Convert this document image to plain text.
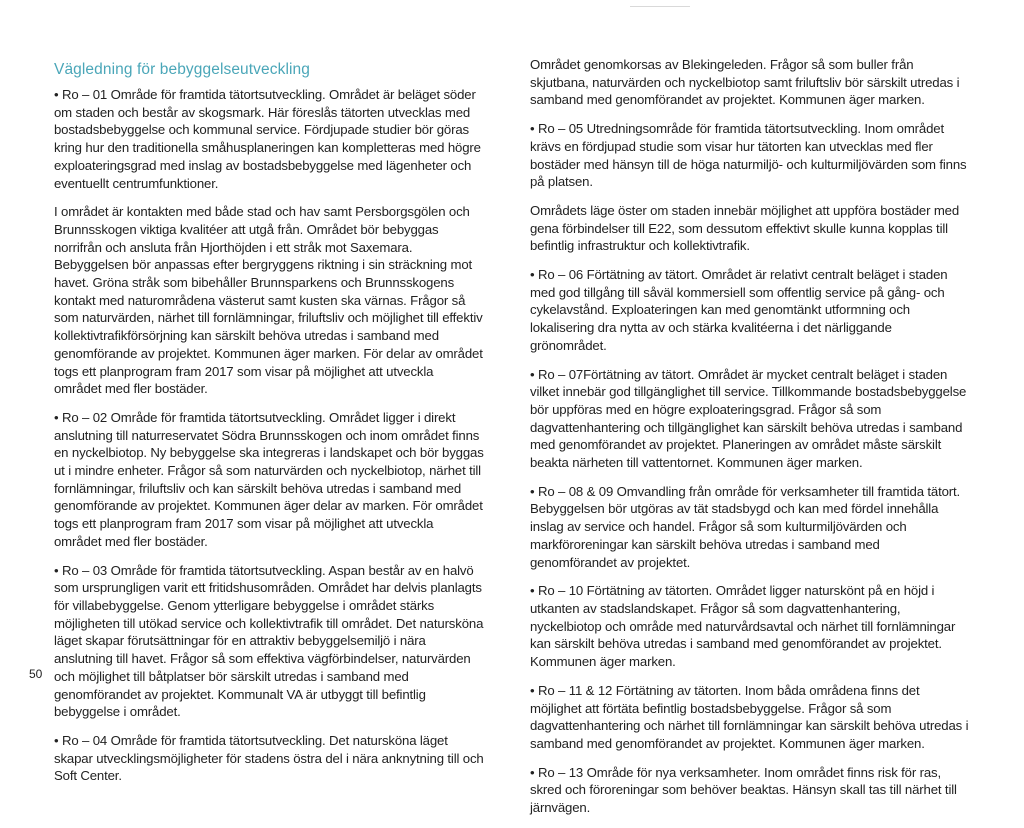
Vägledning för bebyggelseutveckling

• Ro – 01 Område för framtida tätortsutveckling. Området är beläget söder om staden och består av skogsmark. Här föreslås tätorten utvecklas med bostadsbebyggelse och kommunal service. Fördjupade studier bör göras kring hur den traditionella småhusplaneringen kan kompletteras med högre exploateringsgrad med inslag av bostadsbebyggelse med lägenheter och eventuellt centrumfunktioner.

I området är kontakten med både stad och hav samt Persborgsgölen och Brunnsskogen viktiga kvalitéer att utgå från. Området bör bebyggas norrifrån och ansluta från Hjorthöjden i ett stråk mot Saxemara. Bebyggelsen bör anpassas efter bergryggens riktning i sin sträckning mot havet. Gröna stråk som bibehåller Brunnsparkens och Brunnsskogens kontakt med naturområdena västerut samt kusten ska värnas. Frågor så som naturvärden, närhet till fornlämningar, friluftsliv och möjlighet till effektiv kollektivtrafikförsörjning kan särskilt behöva utredas i samband med genomförande av projektet. Kommunen äger marken. För delar av området togs ett planprogram fram 2017 som visar på möjlighet att utveckla området med fler bostäder.

• Ro – 02 Område för framtida tätortsutveckling. Området ligger i direkt anslutning till naturreservatet Södra Brunnsskogen och inom området finns en nyckelbiotop. Ny bebyggelse ska integreras i landskapet och bör byggas ut i mindre enheter. Frågor så som naturvärden och nyckelbiotop, närhet till fornlämningar, friluftsliv och kan särskilt behöva utredas i samband med genomförande av projektet. Kommunen äger delar av marken. För området togs ett planprogram fram 2017 som visar på möjlighet att utveckla området med fler bostäder.

• Ro – 03 Område för framtida tätortsutveckling. Aspan består av en halvö som ursprungligen varit ett fritidshusområden. Området har delvis planlagts för villabebyggelse. Genom ytterligare bebyggelse i området stärks möjligheten till utökad service och kollektivtrafik till området. Det natursköna läget skapar förutsättningar för en attraktiv bebyggelsemiljö i nära anslutning till havet. Frågor så som effektiva vägförbindelser, naturvärden och möjlighet till båtplatser bör särskilt utredas i samband med genomförandet av projektet. Kommunalt VA är utbyggt till befintlig bebyggelse i området.

• Ro – 04 Område för framtida tätortsutveckling. Det natursköna läget skapar utvecklingsmöjligheter för stadens östra del i nära anknytning till och Soft Center.

Området genomkorsas av Blekingeleden. Frågor så som buller från skjutbana, naturvärden och nyckelbiotop samt friluftsliv bör särskilt utredas i samband med genomförandet av projektet. Kommunen äger marken.

• Ro – 05 Utredningsområde för framtida tätortsutveckling. Inom området krävs en fördjupad studie som visar hur tätorten kan utvecklas med fler bostäder med hänsyn till de höga naturmiljö- och kulturmiljövärden som finns på platsen.

Områdets läge öster om staden innebär möjlighet att uppföra bostäder med gena förbindelser till E22, som dessutom effektivt skulle kunna kopplas till befintlig infrastruktur och kollektivtrafik.

• Ro – 06 Förtätning av tätort. Området är relativt centralt beläget i staden med god tillgång till såväl kommersiell som offentlig service på gång- och cykelavstånd. Exploateringen kan med genomtänkt utformning och lokalisering dra nytta av och stärka kvalitéerna i det närliggande grönområdet.

• Ro – 07Förtätning av tätort. Området är mycket centralt beläget i staden vilket innebär god tillgänglighet till service. Tillkommande bostadsbebyggelse bör uppföras med en högre exploateringsgrad. Frågor så som dagvattenhantering och tillgänglighet kan särskilt behöva utredas i samband med genomförandet av projektet. Planeringen av området måste särskilt beakta närheten till vattentornet. Kommunen äger marken.

• Ro – 08 & 09 Omvandling från område för verksamheter till framtida tätort. Bebyggelsen bör utgöras av tät stadsbygd och kan med fördel innehålla inslag av service och handel. Frågor så som kulturmiljövärden och markföroreningar kan särskilt behöva utredas i samband med genomförandet av projektet.

• Ro – 10 Förtätning av tätorten. Området ligger naturskönt på en höjd i utkanten av stadslandskapet. Frågor så som dagvattenhantering, nyckelbiotop och område med naturvårdsavtal och närhet till fornlämningar kan särskilt behöva utredas i samband med genomförandet av projektet. Kommunen äger marken.

• Ro – 11 & 12 Förtätning av tätorten. Inom båda områdena finns det möjlighet att förtäta befintlig bostadsbebyggelse. Frågor så som dagvattenhantering och närhet till fornlämningar kan särskilt behöva utredas i samband med genomförandet av projektet. Kommunen äger marken.

• Ro – 13 Område för nya verksamheter. Inom området finns risk för ras, skred och föroreningar som behöver beaktas. Hänsyn skall tas till närhet till järnvägen.

50
